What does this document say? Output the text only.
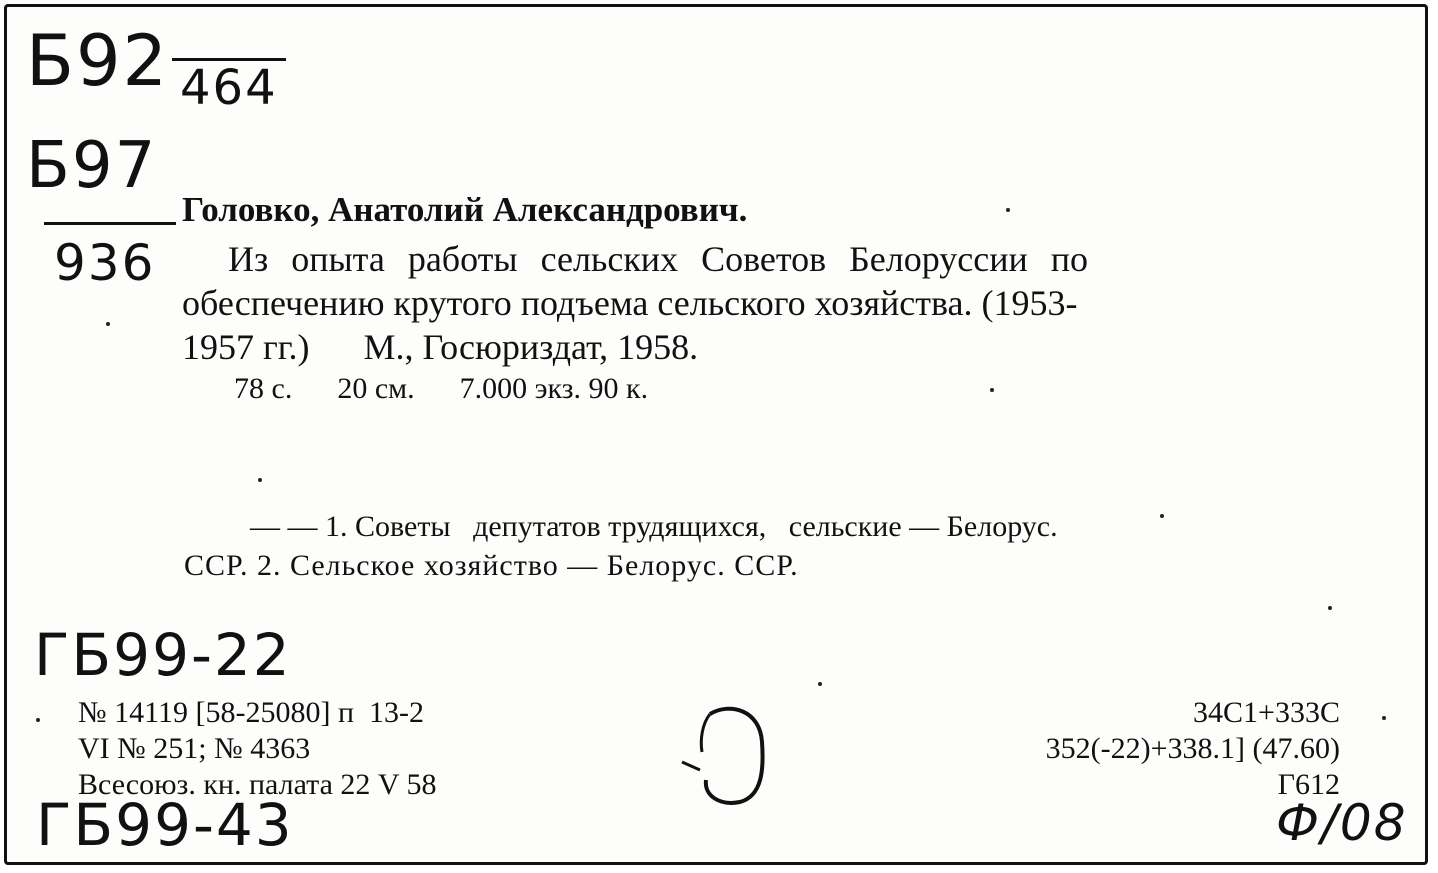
Б92 464
Б97
936
Головко, Анатолий Александрович.
Из опыта работы сельских Советов Белоруссии по
обеспечению крутого подъема сельского хозяйства. (1953-
1957 гг.)      М., Госюриздат, 1958.
78 с.      20 см.      7.000 экз. 90 к.
— — 1. Советы   депутатов трудящихся,   сельские — Белорус.
ССР. 2. Сельское хозяйство — Белорус. ССР.
ГБ99-22
ГБ99-43
№ 14119 [58-25080] п  13-2
VI № 251; № 4363
Всесоюз. кн. палата 22 V 58
34С1+333С
352(-22)+338.1] (47.60)
Г612
Ф/08
